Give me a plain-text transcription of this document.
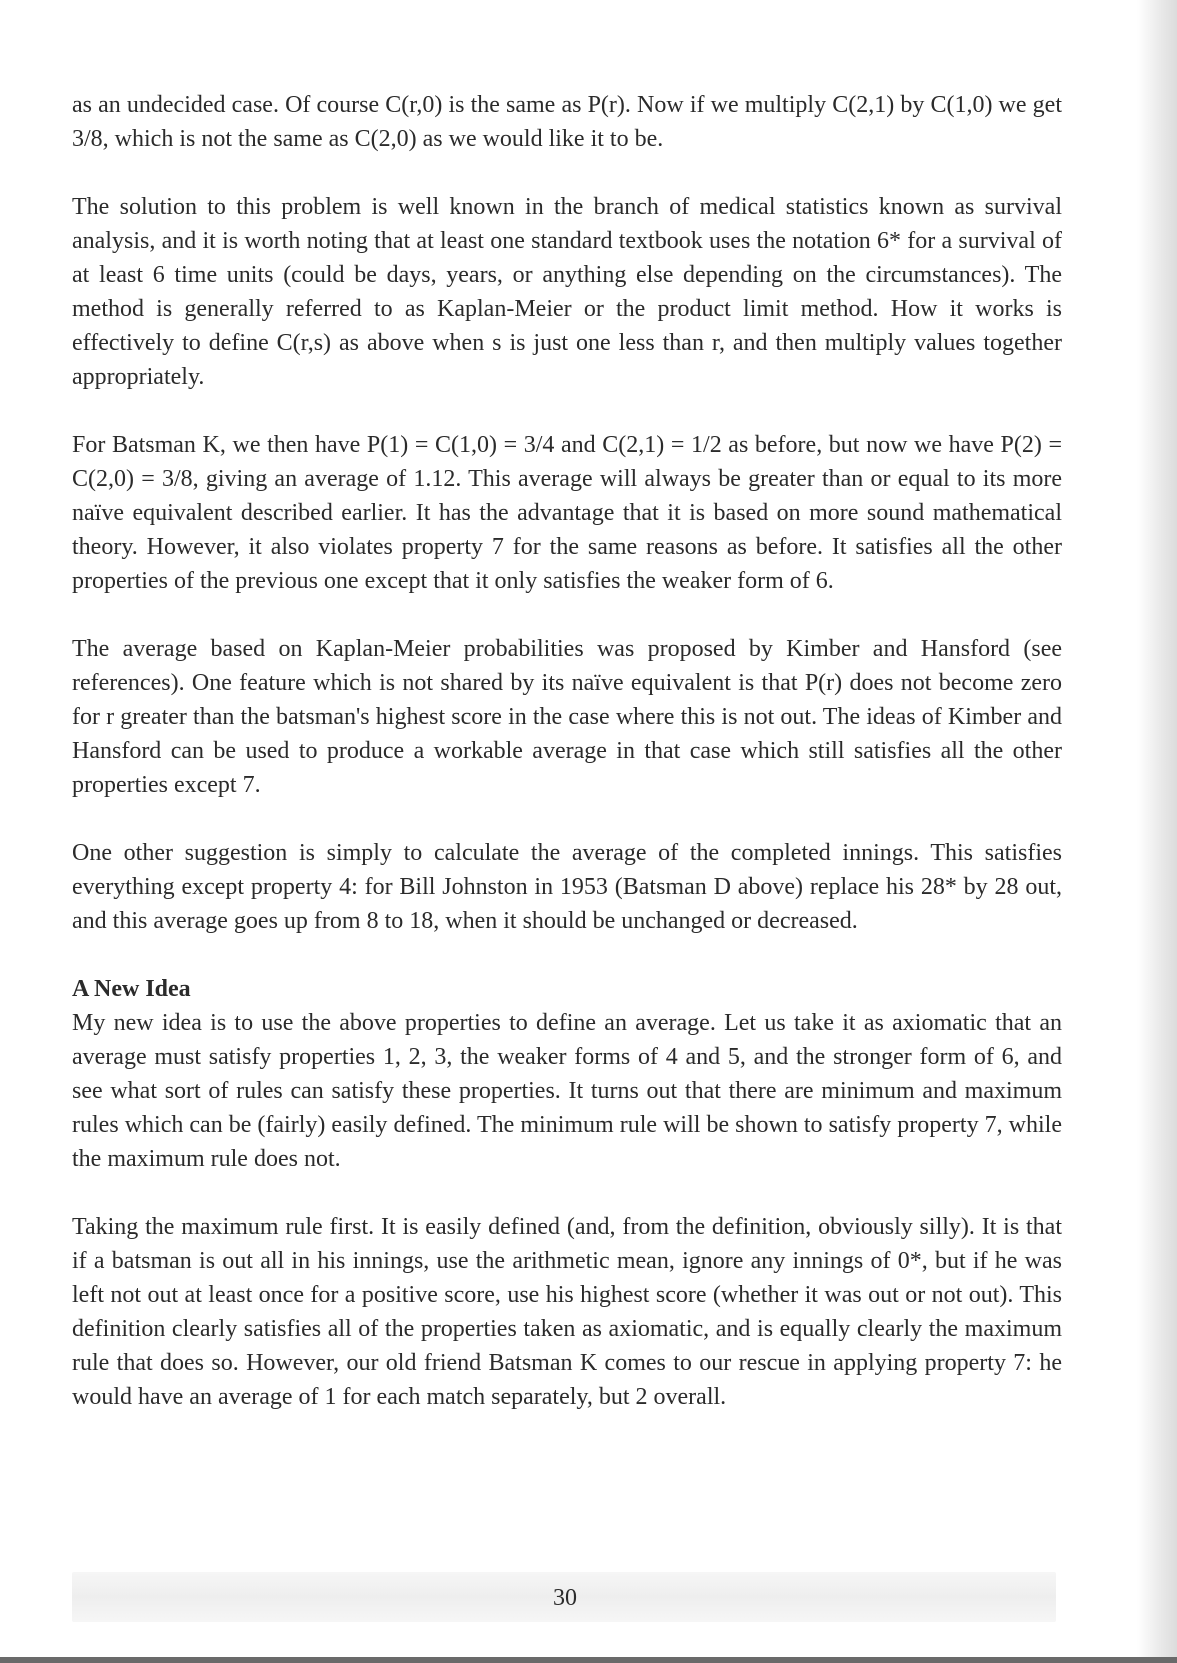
as an undecided case. Of course C(r,0) is the same as P(r). Now if we multiply C(2,1) by C(1,0) we get 3/8, which is not the same as C(2,0) as we would like it to be.

The solution to this problem is well known in the branch of medical statistics known as survival analysis, and it is worth noting that at least one standard textbook uses the notation 6* for a survival of at least 6 time units (could be days, years, or anything else depending on the circumstances). The method is generally referred to as Kaplan-Meier or the product limit method. How it works is effectively to define C(r,s) as above when s is just one less than r, and then multiply values together appropriately.

For Batsman K, we then have P(1) = C(1,0) = 3/4 and C(2,1) = 1/2 as before, but now we have P(2) = C(2,0) = 3/8, giving an average of 1.12. This average will always be greater than or equal to its more naïve equivalent described earlier. It has the advantage that it is based on more sound mathematical theory. However, it also violates property 7 for the same reasons as before. It satisfies all the other properties of the previous one except that it only satisfies the weaker form of 6.

The average based on Kaplan-Meier probabilities was proposed by Kimber and Hansford (see references). One feature which is not shared by its naïve equivalent is that P(r) does not become zero for r greater than the batsman's highest score in the case where this is not out. The ideas of Kimber and Hansford can be used to produce a workable average in that case which still satisfies all the other properties except 7.

One other suggestion is simply to calculate the average of the completed innings. This satisfies everything except property 4: for Bill Johnston in 1953 (Batsman D above) replace his 28* by 28 out, and this average goes up from 8 to 18, when it should be unchanged or decreased.

A New Idea

My new idea is to use the above properties to define an average. Let us take it as axiomatic that an average must satisfy properties 1, 2, 3, the weaker forms of 4 and 5, and the stronger form of 6, and see what sort of rules can satisfy these properties. It turns out that there are minimum and maximum rules which can be (fairly) easily defined. The minimum rule will be shown to satisfy property 7, while the maximum rule does not.

Taking the maximum rule first. It is easily defined (and, from the definition, obviously silly). It is that if a batsman is out all in his innings, use the arithmetic mean, ignore any innings of 0*, but if he was left not out at least once for a positive score, use his highest score (whether it was out or not out). This definition clearly satisfies all of the properties taken as axiomatic, and is equally clearly the maximum rule that does so. However, our old friend Batsman K comes to our rescue in applying property 7: he would have an average of 1 for each match separately, but 2 overall.

30
